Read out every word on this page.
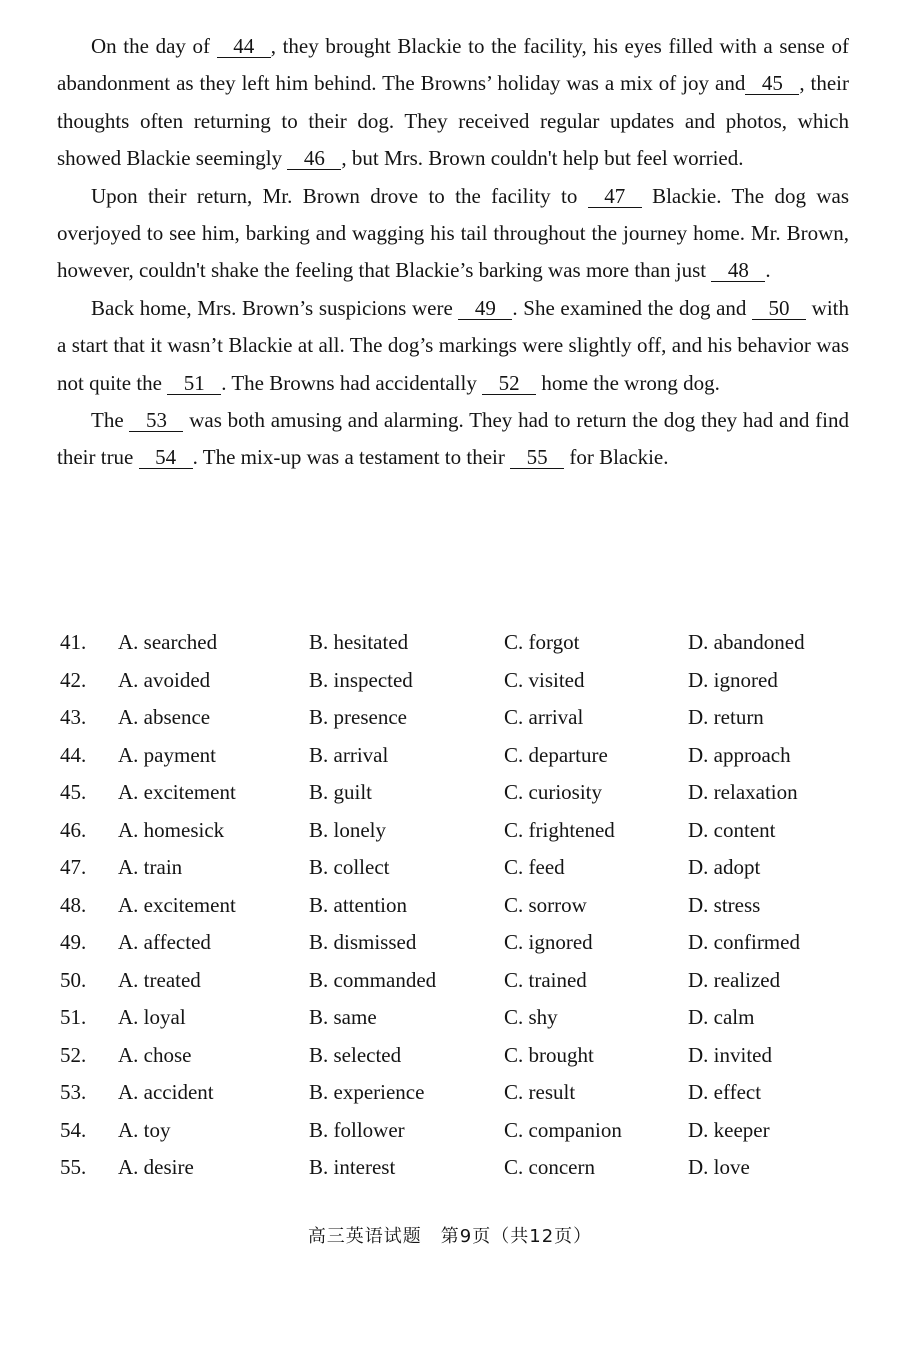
On the day of 44 , they brought Blackie to the facility, his eyes filled with a sense of abandonment as they left him behind. The Browns’ holiday was a mix of joy and 45 , their thoughts often returning to their dog. They received regular updates and photos, which showed Blackie seemingly 46 , but Mrs. Brown couldn't help but feel worried.

Upon their return, Mr. Brown drove to the facility to 47 Blackie. The dog was overjoyed to see him, barking and wagging his tail throughout the journey home. Mr. Brown, however, couldn't shake the feeling that Blackie’s barking was more than just 48 .

Back home, Mrs. Brown’s suspicions were 49 . She examined the dog and 50 with a start that it wasn’t Blackie at all. The dog’s markings were slightly off, and his behavior was not quite the 51 . The Browns had accidentally 52 home the wrong dog.

The 53 was both amusing and alarming. They had to return the dog they had and find their true 54 . The mix-up was a testament to their 55 for Blackie.

41. A. searched	B. hesitated	C. forgot	D. abandoned
42. A. avoided	B. inspected	C. visited	D. ignored
43. A. absence	B. presence	C. arrival	D. return
44. A. payment	B. arrival	C. departure	D. approach
45. A. excitement	B. guilt	C. curiosity	D. relaxation
46. A. homesick	B. lonely	C. frightened	D. content
47. A. train	B. collect	C. feed	D. adopt
48. A. excitement	B. attention	C. sorrow	D. stress
49. A. affected	B. dismissed	C. ignored	D. confirmed
50. A. treated	B. commanded	C. trained	D. realized
51. A. loyal	B. same	C. shy	D. calm
52. A. chose	B. selected	C. brought	D. invited
53. A. accident	B. experience	C. result	D. effect
54. A. toy	B. follower	C. companion	D. keeper
55. A. desire	B. interest	C. concern	D. love
高三英语试题　第9页（共12页）
